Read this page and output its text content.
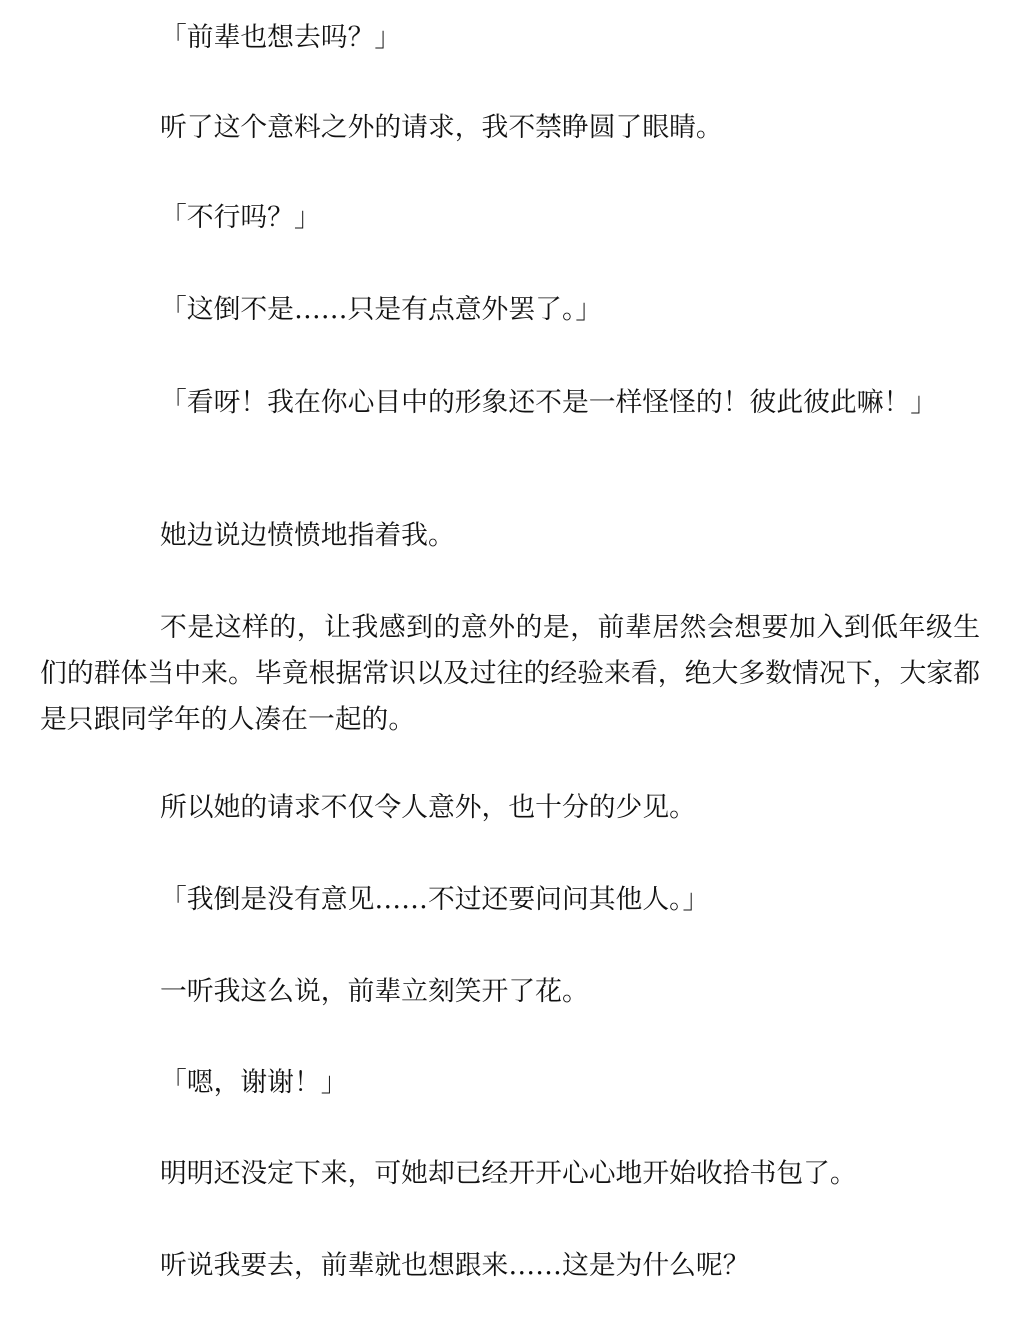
「前辈也想去吗？」

听了这个意料之外的请求，我不禁睁圆了眼睛。

「不行吗？」

「这倒不是……只是有点意外罢了。」

「看呀！我在你心目中的形象还不是一样怪怪的！彼此彼此嘛！」

她边说边愤愤地指着我。

不是这样的，让我感到的意外的是，前辈居然会想要加入到低年级生们的群体当中来。毕竟根据常识以及过往的经验来看，绝大多数情况下，大家都是只跟同学年的人凑在一起的。

所以她的请求不仅令人意外，也十分的少见。

「我倒是没有意见……不过还要问问其他人。」

一听我这么说，前辈立刻笑开了花。

「嗯，谢谢！」

明明还没定下来，可她却已经开开心心地开始收拾书包了。

听说我要去，前辈就也想跟来……这是为什么呢？
